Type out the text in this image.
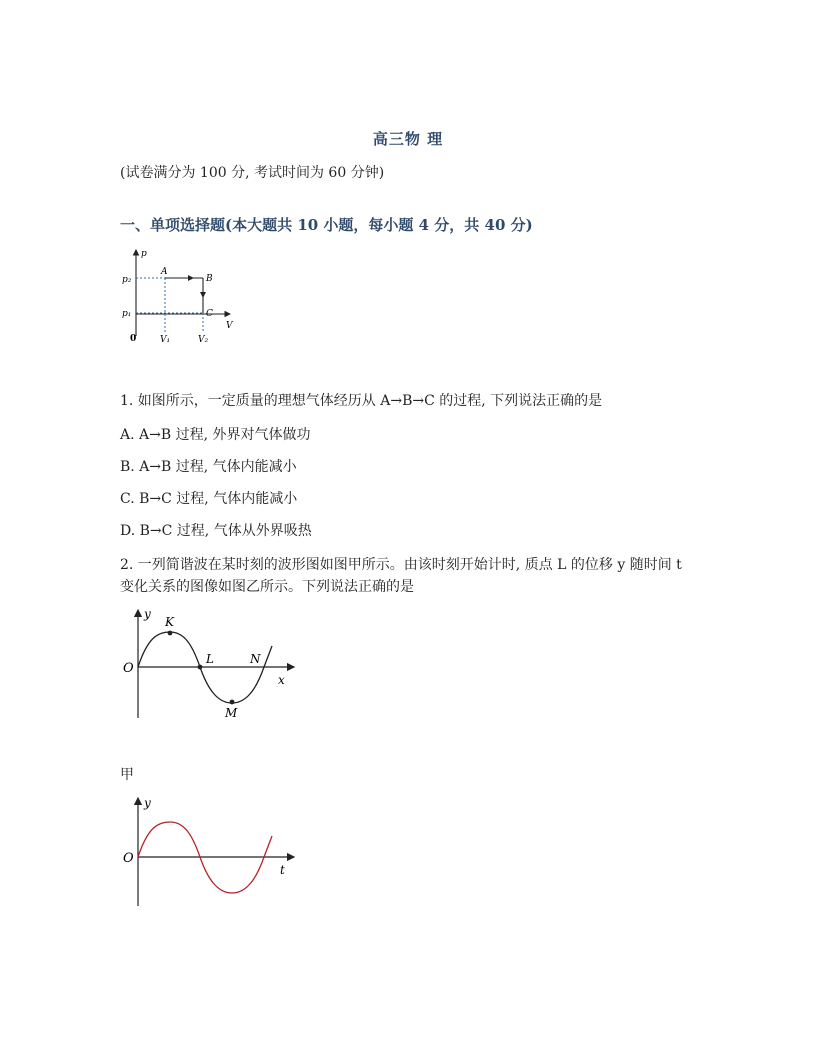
高三物 理
(试卷满分为 100 分, 考试时间为 60 分钟)
一、单项选择题(本大题共 10 小题，每小题 4 分，共 40 分)
p
V
0
p₂
p₁
V₁	V₂
A
B
C
1. 如图所示，一定质量的理想气体经历从 A→B→C 的过程, 下列说法正确的是
A. A→B 过程, 外界对气体做功
B. A→B 过程, 气体内能减小
C. B→C 过程, 气体内能减小
D. B→C 过程, 气体从外界吸热
2. 一列简谐波在某时刻的波形图如图甲所示。由该时刻开始计时, 质点 L 的位移 y 随时间 t 变化关系的图像如图乙所示。下列说法正确的是
y
x
O
K
L
M
N
甲
y
t
O
